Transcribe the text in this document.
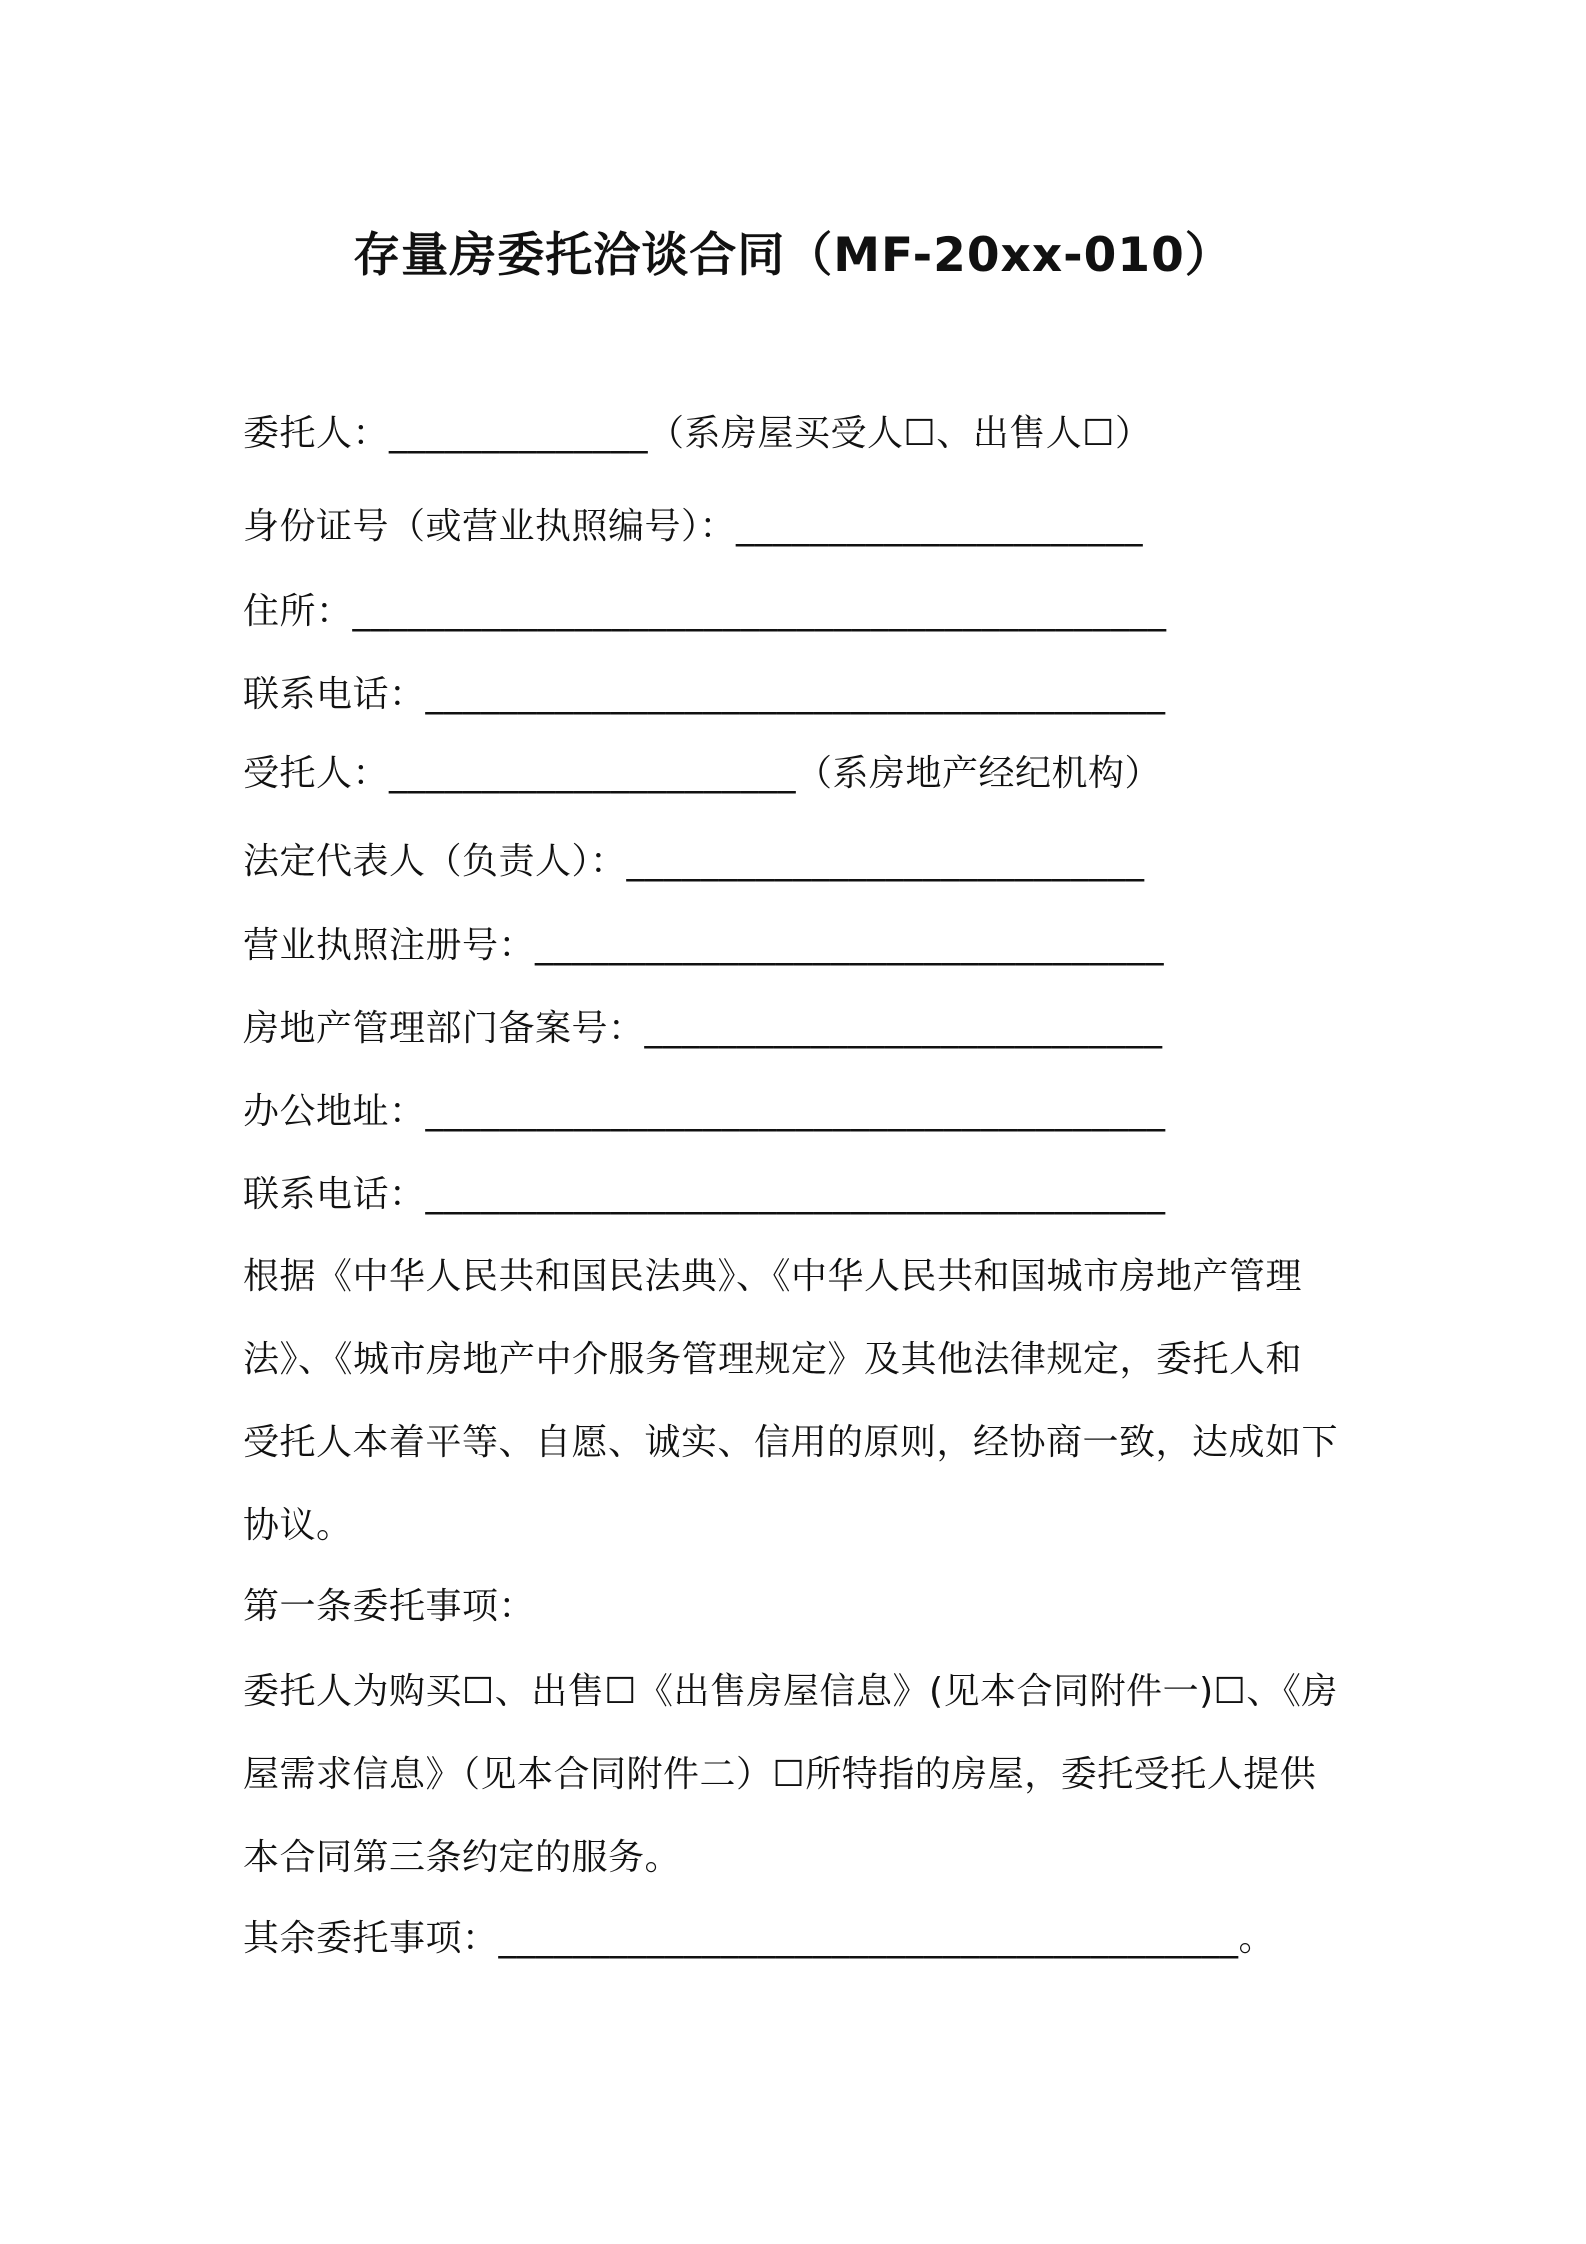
存量房委托洽谈合同（MF-20xx-010）
委托人：______________（系房屋买受人☐、出售人☐）
身份证号（或营业执照编号）：______________________
住所：____________________________________________
联系电话：________________________________________
受托人：______________________（系房地产经纪机构）
法定代表人（负责人）：____________________________
营业执照注册号：__________________________________
房地产管理部门备案号：____________________________
办公地址：________________________________________
联系电话：________________________________________
根据《中华人民共和国民法典》、《中华人民共和国城市房地产管理
法》、《城市房地产中介服务管理规定》及其他法律规定，委托人和
受托人本着平等、自愿、诚实、信用的原则，经协商一致，达成如下
协议。
第一条委托事项：
委托人为购买☐、出售☐《出售房屋信息》(见本合同附件一)☐、《房
屋需求信息》（见本合同附件二）☐所特指的房屋，委托受托人提供
本合同第三条约定的服务。
其余委托事项：________________________________________。
